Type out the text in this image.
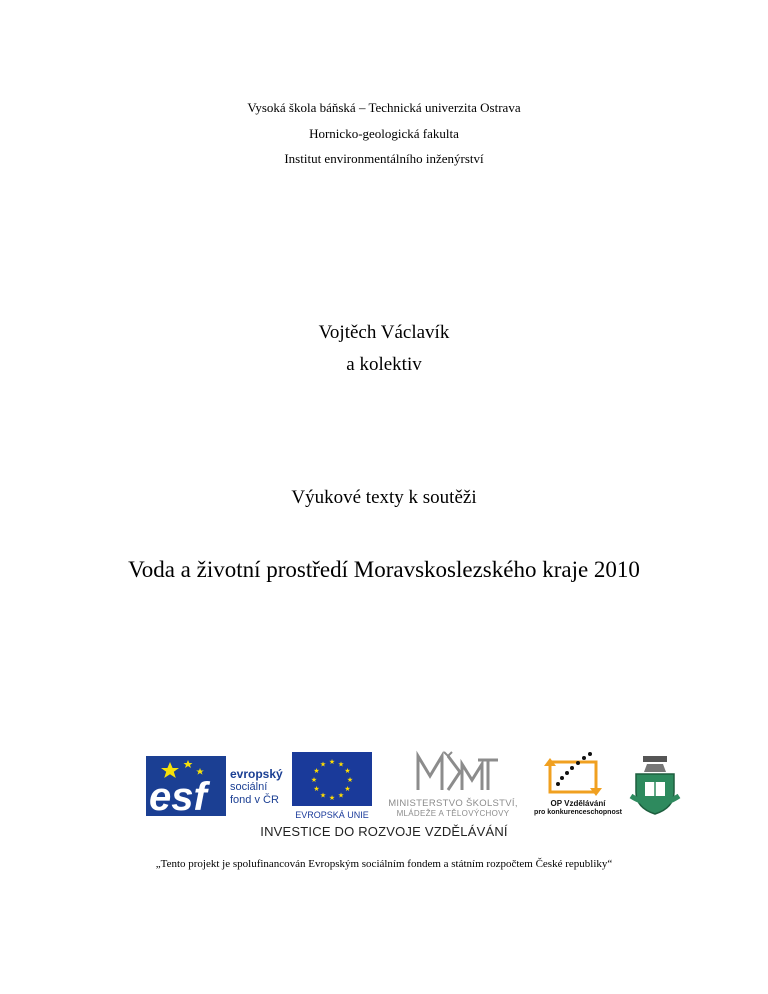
Vysoká škola báňská – Technická univerzita Ostrava
Hornicko-geologická fakulta
Institut environmentálního inženýrství
Vojtěch Václavík
a kolektiv
Výukové texty k soutěži
Voda a životní prostředí Moravskoslezského kraje 2010
esf
evropský
sociální
fond v ČR
★ ★
★
★
★
★
★
★
★
★
★
★
EVROPSKÁ UNIE
MINISTERSTVO ŠKOLSTVÍ,
MLÁDEŽE A TĚLOVÝCHOVY
OP Vzdělávání
pro konkurenceschopnost
INVESTICE DO ROZVOJE VZDĚLÁVÁNÍ
„Tento projekt je spolufinancován Evropským sociálním fondem a státním rozpočtem České republiky“
